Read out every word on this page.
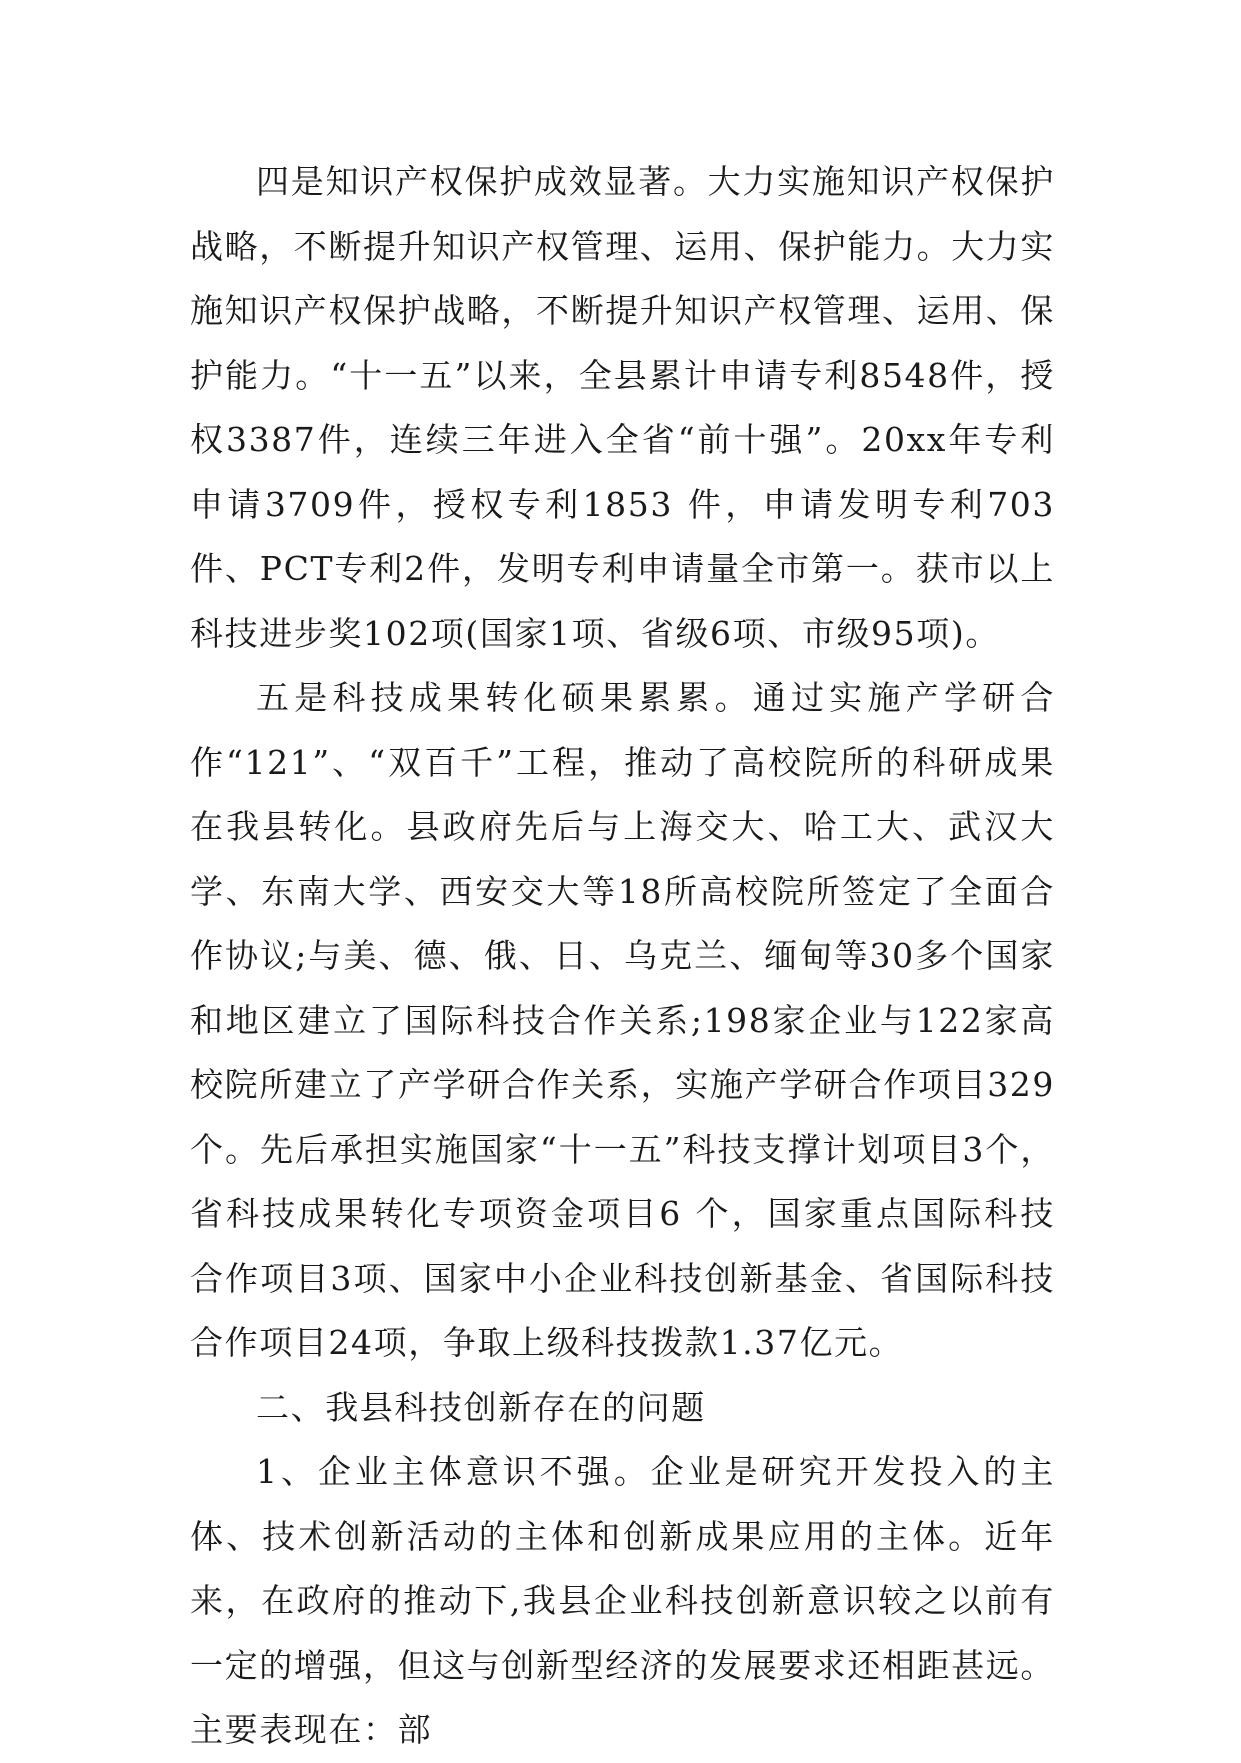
四是知识产权保护成效显著。大力实施知识产权保护战略，不断提升知识产权管理、运用、保护能力。大力实施知识产权保护战略，不断提升知识产权管理、运用、保护能力。“十一五”以来，全县累计申请专利8548件，授权3387件，连续三年进入全省“前十强”。20xx年专利申请3709件，授权专利1853 件，申请发明专利703件、PCT专利2件，发明专利申请量全市第一。获市以上科技进步奖102项(国家1项、省级6项、市级95项)。

五是科技成果转化硕果累累。通过实施产学研合作“121”、“双百千”工程，推动了高校院所的科研成果在我县转化。县政府先后与上海交大、哈工大、武汉大学、东南大学、西安交大等18所高校院所签定了全面合作协议;与美、德、俄、日、乌克兰、缅甸等30多个国家和地区建立了国际科技合作关系;198家企业与122家高校院所建立了产学研合作关系，实施产学研合作项目329个。先后承担实施国家“十一五”科技支撑计划项目3个，省科技成果转化专项资金项目6 个，国家重点国际科技合作项目3项、国家中小企业科技创新基金、省国际科技合作项目24项，争取上级科技拨款1.37亿元。

二、我县科技创新存在的问题

1、企业主体意识不强。企业是研究开发投入的主体、技术创新活动的主体和创新成果应用的主体。近年来，在政府的推动下,我县企业科技创新意识较之以前有一定的增强，但这与创新型经济的发展要求还相距甚远。主要表现在：部
